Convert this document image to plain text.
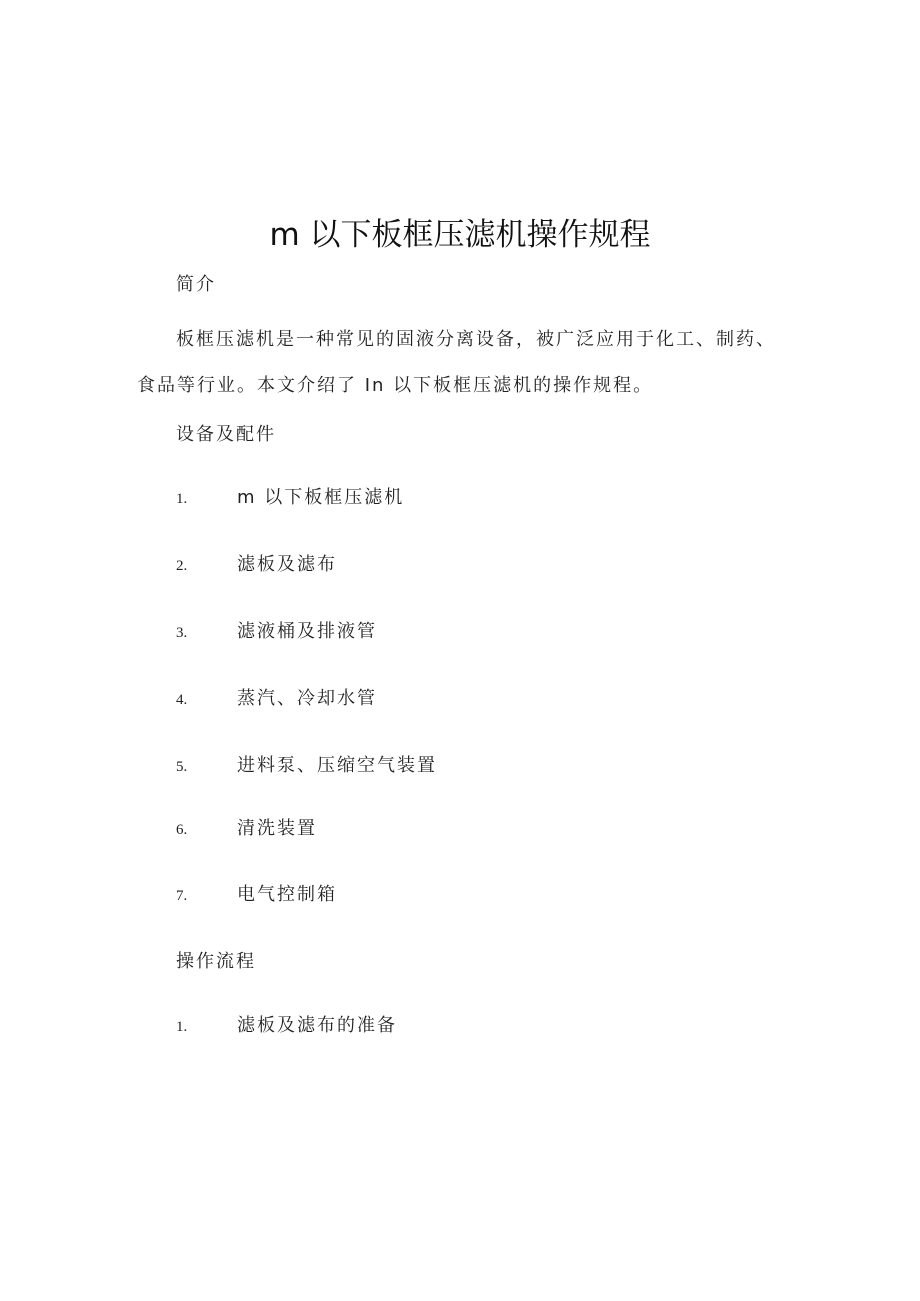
m 以下板框压滤机操作规程
简介
板框压滤机是一种常见的固液分离设备，被广泛应用于化工、制药、
食品等行业。本文介绍了 In 以下板框压滤机的操作规程。
设备及配件
1.	m 以下板框压滤机
2.	滤板及滤布
3.	滤液桶及排液管
4.	蒸汽、冷却水管
5.	进料泵、压缩空气装置
6.	清洗装置
7.	电气控制箱
操作流程
1.	滤板及滤布的准备
